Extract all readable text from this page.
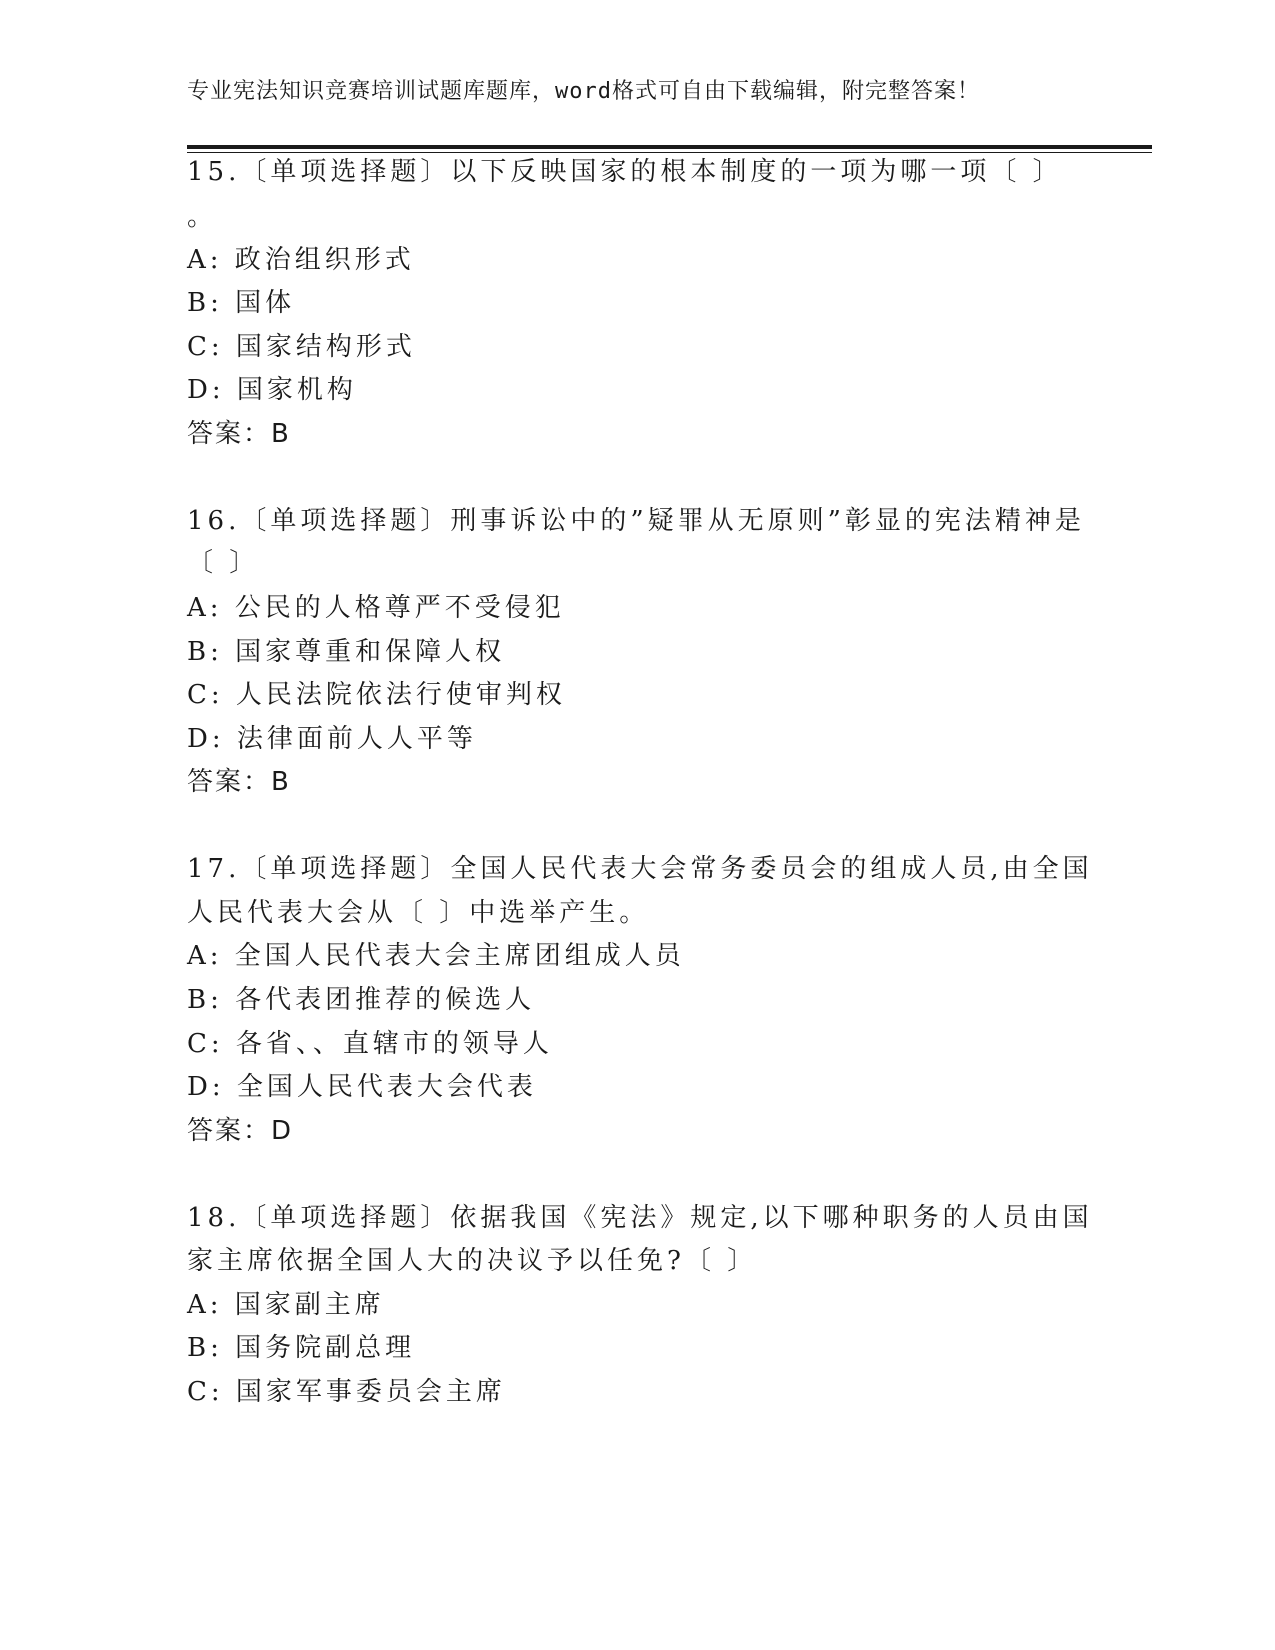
专业宪法知识竞赛培训试题库题库，word格式可自由下载编辑，附完整答案！
15.〔单项选择题〕以下反映国家的根本制度的一项为哪一项〔 〕
。
A: 政治组织形式
B: 国体
C: 国家结构形式
D: 国家机构
答案：B
16.〔单项选择题〕刑事诉讼中的”疑罪从无原则”彰显的宪法精神是
〔 〕
A: 公民的人格尊严不受侵犯
B: 国家尊重和保障人权
C: 人民法院依法行使审判权
D: 法律面前人人平等
答案：B
17.〔单项选择题〕全国人民代表大会常务委员会的组成人员,由全国
人民代表大会从〔 〕中选举产生。
A: 全国人民代表大会主席团组成人员
B: 各代表团推荐的候选人
C: 各省、、直辖市的领导人
D: 全国人民代表大会代表
答案：D
18.〔单项选择题〕依据我国《宪法》规定,以下哪种职务的人员由国
家主席依据全国人大的决议予以任免?〔 〕
A: 国家副主席
B: 国务院副总理
C: 国家军事委员会主席
